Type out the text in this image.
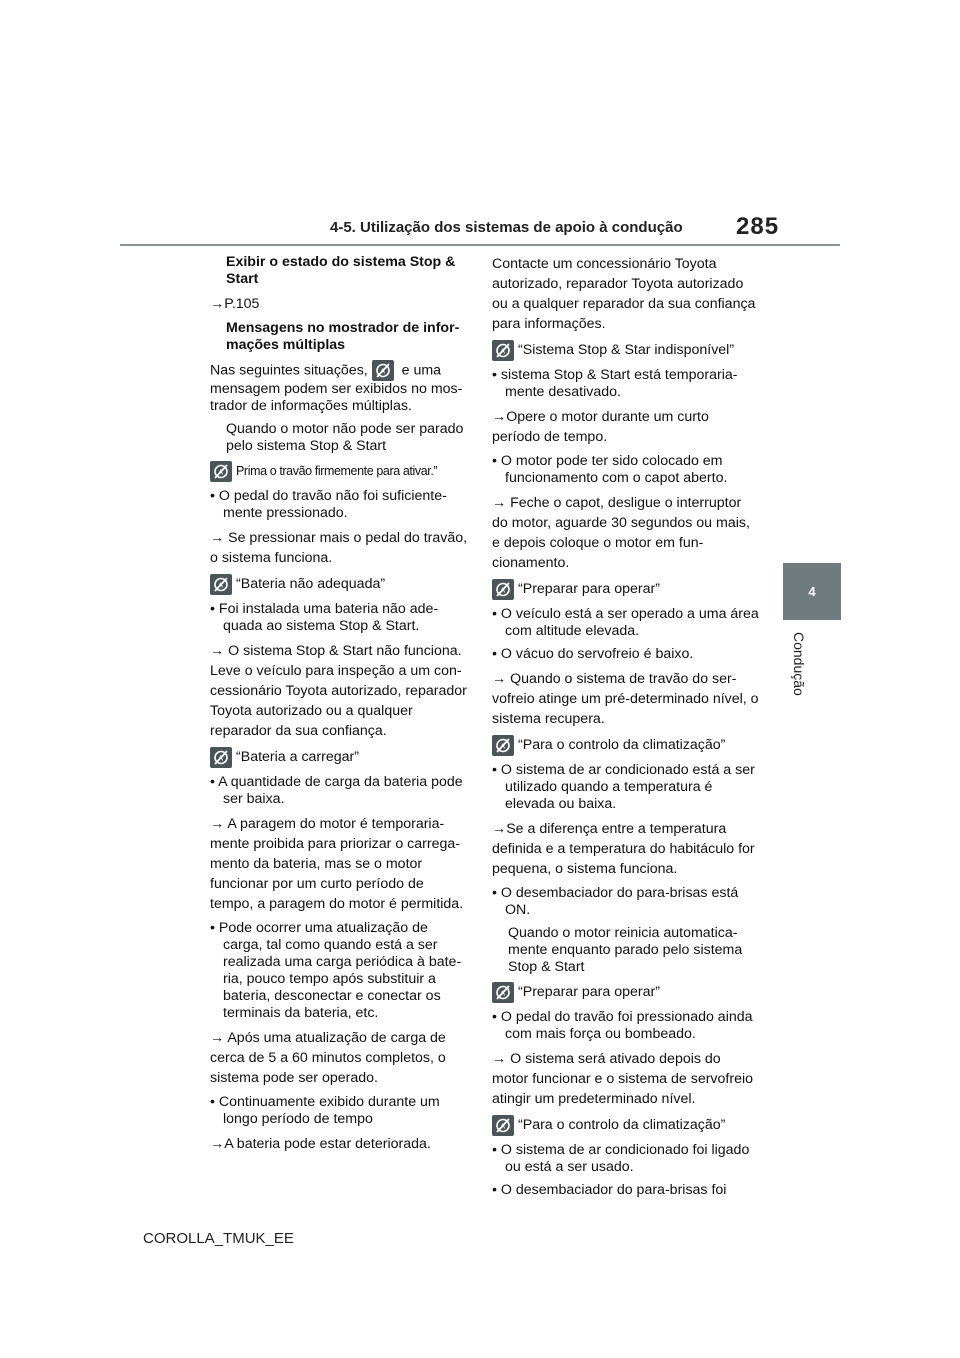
4-5. Utilização dos sistemas de apoio à condução 285
4
Condução

Exibir o estado do sistema Stop & Start

→P.105

Mensagens no mostrador de informações múltiplas

Nas seguintes situações, A e uma mensagem podem ser exibidos no mostrador de informações múltiplas.

Quando o motor não pode ser parado pelo sistema Stop & Start

A Prima o travão firmemente para ativar.”

• O pedal do travão não foi suficientemente pressionado.

→ Se pressionar mais o pedal do travão, o sistema funciona.

A “Bateria não adequada”

• Foi instalada uma bateria não adequada ao sistema Stop & Start.

→ O sistema Stop & Start não funciona. Leve o veículo para inspeção a um concessionário Toyota autorizado, reparador Toyota autorizado ou a qualquer reparador da sua confiança.

A “Bateria a carregar”

• A quantidade de carga da bateria pode ser baixa.

→ A paragem do motor é temporariamente proibida para priorizar o carregamento da bateria, mas se o motor funcionar por um curto período de tempo, a paragem do motor é permitida.

• Pode ocorrer uma atualização de carga, tal como quando está a ser realizada uma carga periódica à bateria, pouco tempo após substituir a bateria, desconectar e conectar os terminais da bateria, etc.

→ Após uma atualização de carga de cerca de 5 a 60 minutos completos, o sistema pode ser operado.

• Continuamente exibido durante um longo período de tempo

→A bateria pode estar deteriorada.

Contacte um concessionário Toyota autorizado, reparador Toyota autorizado ou a qualquer reparador da sua confiança para informações.

A “Sistema Stop & Star indisponível”

• sistema Stop & Start está temporariamente desativado.

→Opere o motor durante um curto período de tempo.

• O motor pode ter sido colocado em funcionamento com o capot aberto.

→ Feche o capot, desligue o interruptor do motor, aguarde 30 segundos ou mais, e depois coloque o motor em funcionamento.

A “Preparar para operar”

• O veículo está a ser operado a uma área com altitude elevada.

• O vácuo do servofreio é baixo.

→ Quando o sistema de travão do servofreio atinge um pré-determinado nível, o sistema recupera.

A “Para o controlo da climatização”

• O sistema de ar condicionado está a ser utilizado quando a temperatura é elevada ou baixa.

→Se a diferença entre a temperatura definida e a temperatura do habitáculo for pequena, o sistema funciona.

• O desembaciador do para-brisas está ON.

Quando o motor reinicia automaticamente enquanto parado pelo sistema Stop & Start

A “Preparar para operar”

• O pedal do travão foi pressionado ainda com mais força ou bombeado.

→ O sistema será ativado depois do motor funcionar e o sistema de servofreio atingir um predeterminado nível.

A “Para o controlo da climatização”

• O sistema de ar condicionado foi ligado ou está a ser usado.

• O desembaciador do para-brisas foi

COROLLA_TMUK_EE
